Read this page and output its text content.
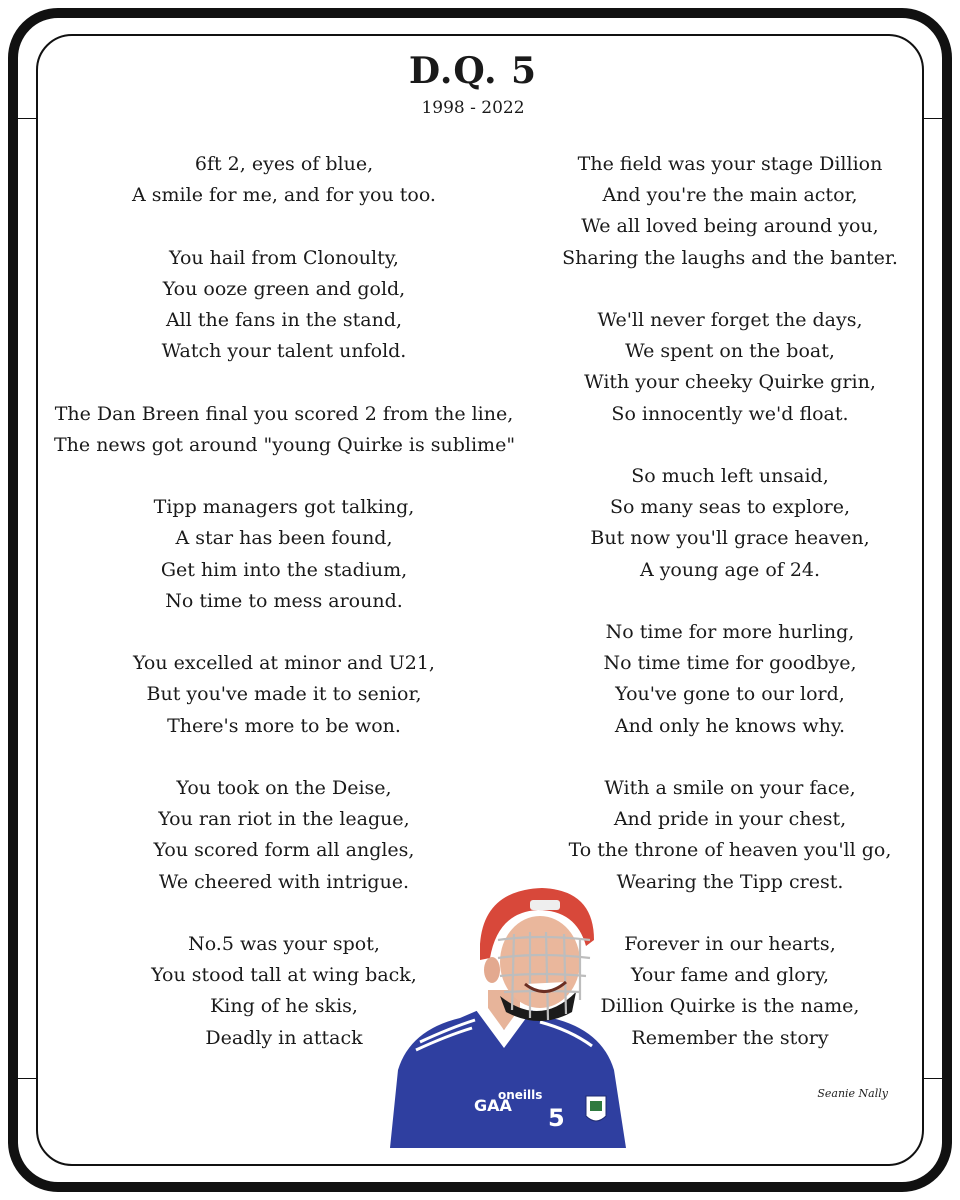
D.Q. 5
1998 - 2022
6ft 2, eyes of blue,
A smile for me, and for you too.
You hail from Clonoulty,
You ooze green and gold,
All the fans in the stand,
Watch your talent unfold.
The Dan Breen final you scored 2 from the line,
The news got around "young Quirke is sublime"
Tipp managers got talking,
A star has been found,
Get him into the stadium,
No time to mess around.
You excelled at minor and U21,
But you've made it to senior,
There's more to be won.
You took on the Deise,
You ran riot in the league,
You scored form all angles,
We cheered with intrigue.
No.5 was your spot,
You stood tall at wing back,
King of he skis,
Deadly in attack
The field was your stage Dillion
And you're the main actor,
We all loved being around you,
Sharing the laughs and the banter.
We'll never forget the days,
We spent on the boat,
With your cheeky Quirke grin,
So innocently we'd float.
So much left unsaid,
So many seas to explore,
But now you'll grace heaven,
A young age of 24.
No time for more hurling,
No time time for goodbye,
You've gone to our lord,
And only he knows why.
With a smile on your face,
And pride in your chest,
To the throne of heaven you'll go,
Wearing the Tipp crest.
Forever in our hearts,
Your fame and glory,
Dillion Quirke is the name,
Remember the story
oneills
GAA 5
Seanie Nally
